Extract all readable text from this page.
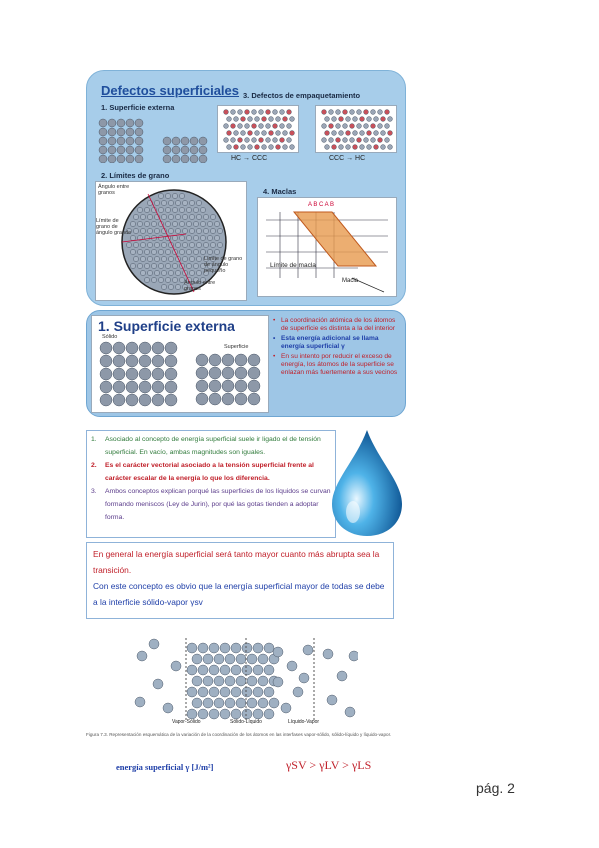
Defectos superficiales
1. Superficie externa
3. Defectos de empaquetamiento
2. Límites de grano
4. Maclas
HC → CCC	CCC → HC
Ángulo entre granos
Límite de grano de ángulo grande
Límite de grano de ángulo pequeño
Ángulo entre granos
A B C A B
Límite de macla
Macla
1. Superficie externa
Sólido
Superficie
• La coordinación atómica de los átomos de superficie es distinta a la del interior
• Esta energía adicional se llama energía superficial γ
• En su intento por reducir el exceso de energía, los átomos de la superficie se enlazan más fuertemente a sus vecinos
1. Asociado al concepto de energía superficial suele ir ligado el de tensión superficial. En vacío, ambas magnitudes son iguales.
2. Es el carácter vectorial asociado a la tensión superficial frente al carácter escalar de la energía lo que los diferencia.
3. Ambos conceptos explican porqué las superficies de los líquidos se curvan formando meniscos (Ley de Jurin), por qué las gotas tienden a adoptar forma.
En general la energía superficial será tanto mayor cuanto más abrupta sea la transición.
Con este concepto es obvio que la energía superficial mayor de todas se debe a la interficie sólido-vapor γsv
Vapor-Sólido	Sólido-Líquido	Líquido-Vapor
Figura 7.3. Representación esquemática de la variación de la coordinación de los átomos en las interfases vapor-sólido, sólido-líquido y líquido-vapor.
energía superficial γ [J/m²]	γSV > γLV > γLS
pág. 2
